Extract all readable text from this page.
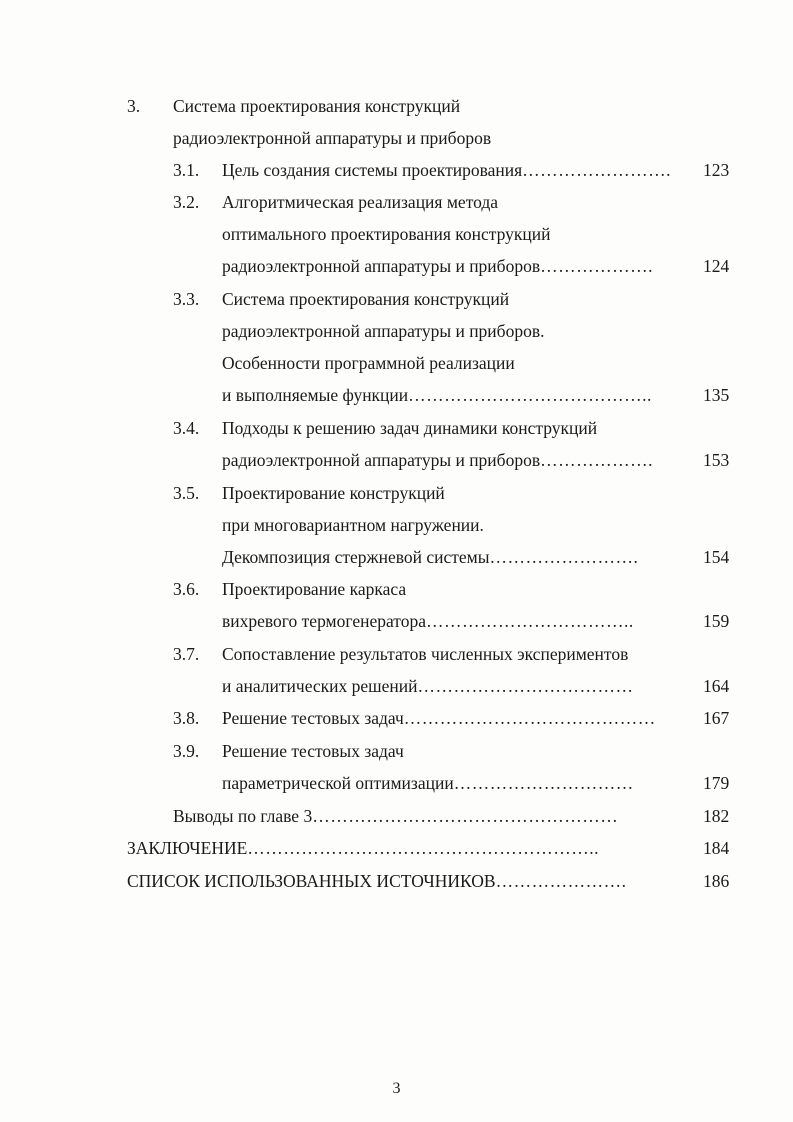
3. Система проектирования конструкций
радиоэлектронной аппаратуры и приборов
3.1. Цель создания системы проектирования……………………. 123
3.2. Алгоритмическая реализация метода
оптимального проектирования конструкций
радиоэлектронной аппаратуры и приборов……………….	124
3.3. Система проектирования конструкций
радиоэлектронной аппаратуры и приборов.
Особенности программной реализации
и выполняемые функции…………………………………..	135
3.4. Подходы к решению задач динамики конструкций
радиоэлектронной аппаратуры и приборов……………….	153
3.5. Проектирование конструкций
при многовариантном нагружении.
Декомпозиция стержневой системы…………………….	154
3.6. Проектирование каркаса
вихревого термогенератора……………………………..	159
3.7. Сопоставление результатов численных экспериментов
и аналитических решений………………………………	164
3.8. Решение тестовых задач……………………………………	167
3.9. Решение тестовых задач
параметрической оптимизации…………………………	179
Выводы по главе 3……………………………………………	182
ЗАКЛЮЧЕНИЕ…………………………………………………..	184
СПИСОК ИСПОЛЬЗОВАННЫХ ИСТОЧНИКОВ………………….	186
3
